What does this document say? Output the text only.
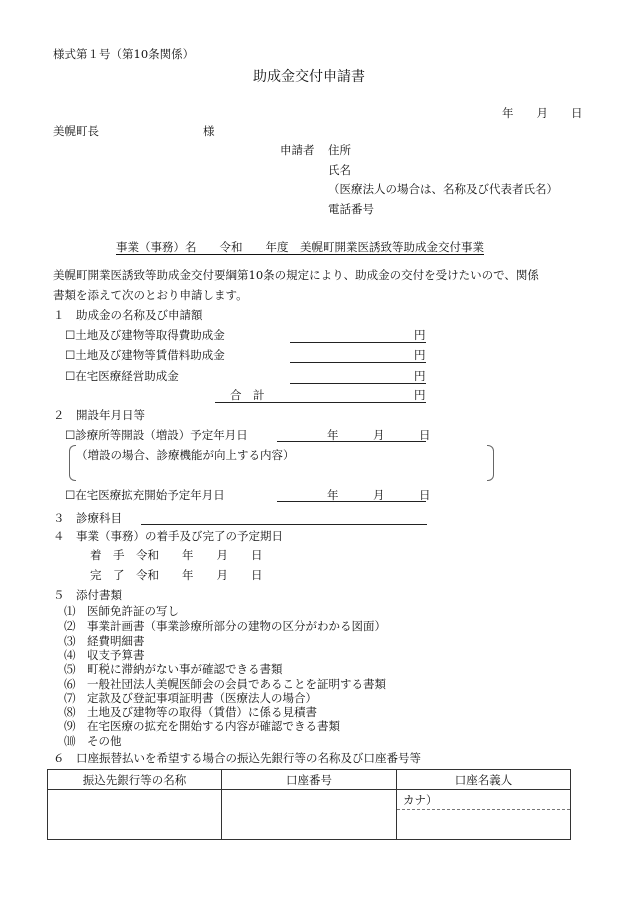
様式第１号（第10条関係）
助成金交付申請書
年　　月　　日
美幌町長	様
申請者 住所
氏名
（医療法人の場合は、名称及び代表者氏名）
電話番号
事業（事務）名　　令和　　年度　美幌町開業医誘致等助成金交付事業
美幌町開業医誘致等助成金交付要綱第10条の規定により、助成金の交付を受けたいので、関係
書類を添えて次のとおり申請します。
１　助成金の名称及び申請額
☐土地及び建物等取得費助成金	円
☐土地及び建物等賃借料助成金	円
☐在宅医療経営助成金	円
合　計	円
２　開設年月日等
☐診療所等開設（増設）予定年月日	年　　　月　　　日
（増設の場合、診療機能が向上する内容）
☐在宅医療拡充開始予定年月日	年　　　月　　　日
３　診療科目
４　事業（事務）の着手及び完了の予定期日
着　手　令和　　年　　月　　日
完　了　令和　　年　　月　　日
５　添付書類
⑴　医師免許証の写し
⑵　事業計画書（事業診療所部分の建物の区分がわかる図面）
⑶　経費明細書
⑷　収支予算書
⑸　町税に滞納がない事が確認できる書類
⑹　一般社団法人美幌医師会の会員であることを証明する書類
⑺　定款及び登記事項証明書（医療法人の場合）
⑻　土地及び建物等の取得（賃借）に係る見積書
⑼　在宅医療の拡充を開始する内容が確認できる書類
⑽　その他
６　口座振替払いを希望する場合の振込先銀行等の名称及び口座番号等
振込先銀行等の名称	口座番号	口座名義人
		カナ）
